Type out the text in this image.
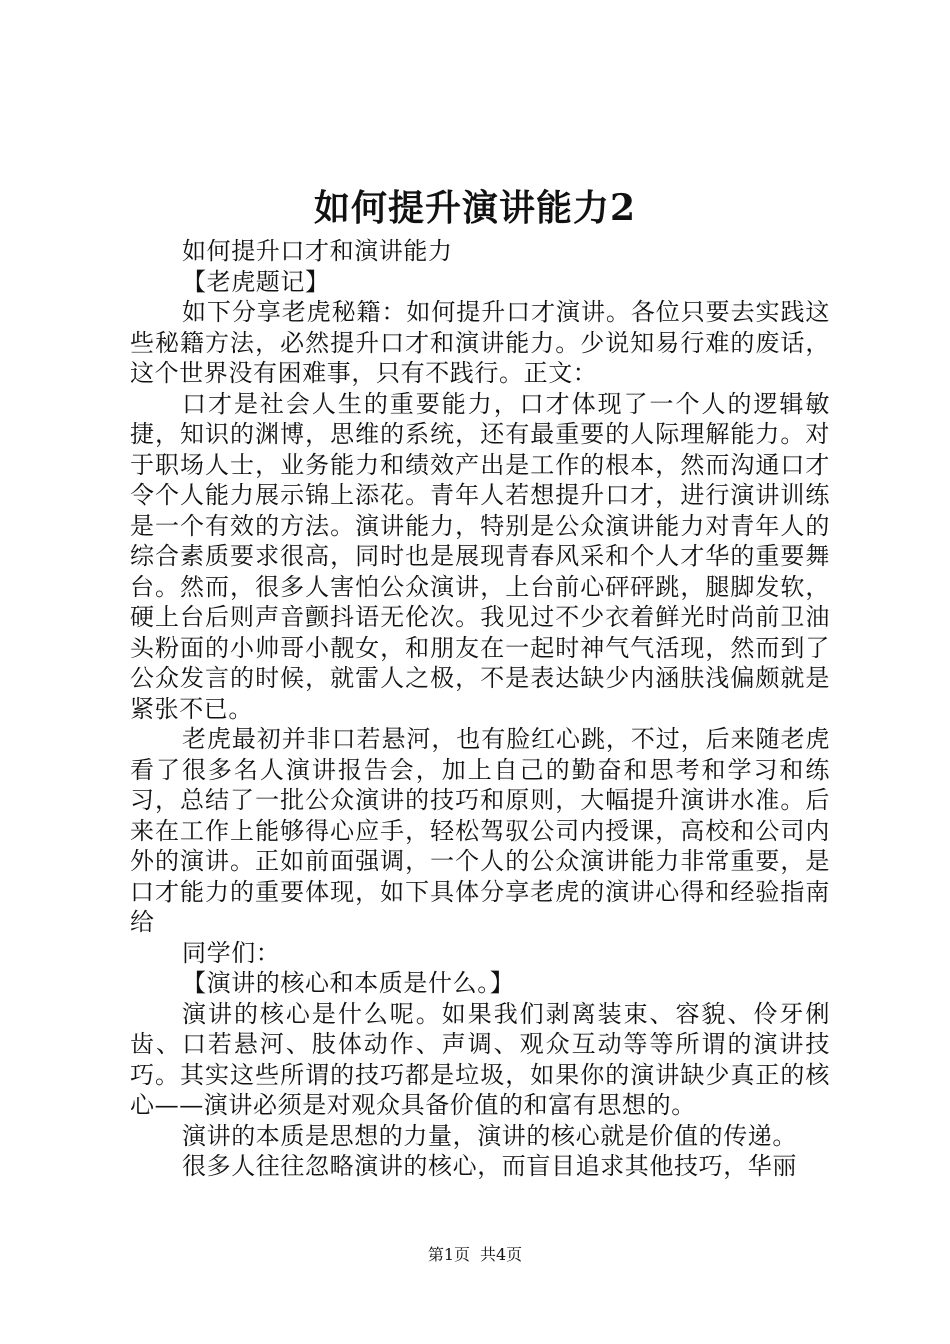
如何提升演讲能力2

如何提升口才和演讲能力

【老虎题记】

如下分享老虎秘籍：如何提升口才演讲。各位只要去实践这些秘籍方法，必然提升口才和演讲能力。少说知易行难的废话，这个世界没有困难事，只有不践行。正文：

口才是社会人生的重要能力，口才体现了一个人的逻辑敏捷，知识的渊博，思维的系统，还有最重要的人际理解能力。对于职场人士，业务能力和绩效产出是工作的根本，然而沟通口才令个人能力展示锦上添花。青年人若想提升口才，进行演讲训练是一个有效的方法。演讲能力，特别是公众演讲能力对青年人的综合素质要求很高，同时也是展现青春风采和个人才华的重要舞台。然而，很多人害怕公众演讲，上台前心砰砰跳，腿脚发软，硬上台后则声音颤抖语无伦次。我见过不少衣着鲜光时尚前卫油头粉面的小帅哥小靓女，和朋友在一起时神气气活现，然而到了公众发言的时候，就雷人之极，不是表达缺少内涵肤浅偏颇就是紧张不已。

老虎最初并非口若悬河，也有脸红心跳，不过，后来随老虎看了很多名人演讲报告会，加上自己的勤奋和思考和学习和练习，总结了一批公众演讲的技巧和原则，大幅提升演讲水准。后来在工作上能够得心应手，轻松驾驭公司内授课，高校和公司内外的演讲。正如前面强调，一个人的公众演讲能力非常重要，是口才能力的重要体现，如下具体分享老虎的演讲心得和经验指南给

同学们：

【演讲的核心和本质是什么。】

演讲的核心是什么呢。如果我们剥离装束、容貌、伶牙俐齿、口若悬河、肢体动作、声调、观众互动等等所谓的演讲技巧。其实这些所谓的技巧都是垃圾，如果你的演讲缺少真正的核心——演讲必须是对观众具备价值的和富有思想的。

演讲的本质是思想的力量，演讲的核心就是价值的传递。

很多人往往忽略演讲的核心，而盲目追求其他技巧，华丽

第1页 共4页
